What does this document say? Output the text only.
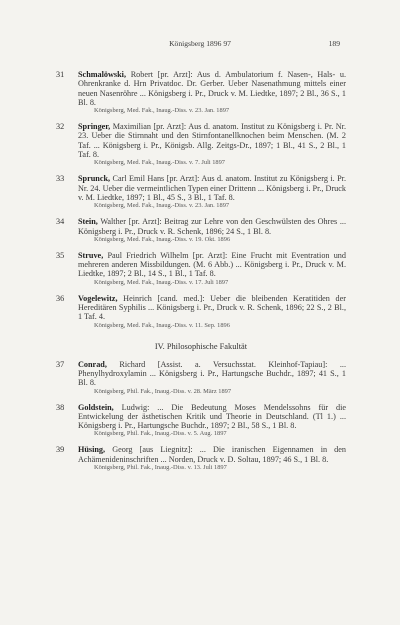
Königsberg 1896 97	189
31 Schmalöwski, Robert [pr. Arzt]: Aus d. Ambulatorium f. Nasen-, Hals- u. Ohrenkranke d. Hrn Privatdoc. Dr. Gerber. Ueber Nasenathmung mittels einer neuen Nasenröhre ... Königsberg i. Pr., Druck v. M. Liedtke, 1897; 2 Bl., 36 S., 1 Bl. 8.
Königsberg, Med. Fak., Inaug.-Diss. v. 23. Jan. 1897
32 Springer, Maximilian [pr. Arzt]: Aus d. anatom. Institut zu Königsberg i. Pr. Nr. 23. Ueber die Stirnnaht und den Stirnfontanellknochen beim Menschen. (M. 2 Taf. ... Königsberg i. Pr., Königsb. Allg. Zeitgs-Dr., 1897; 1 Bl., 41 S., 2 Bl., 1 Taf. 8.
Königsberg, Med. Fak., Inaug.-Diss. v. 7. Juli 1897
33 Sprunck, Carl Emil Hans [pr. Arzt]: Aus d. anatom. Institut zu Königsberg i. Pr. Nr. 24. Ueber die vermeintlichen Typen einer Drittenn ... Königsberg i. Pr., Druck v. M. Liedtke, 1897; 1 Bl., 45 S., 3 Bl., 1 Taf. 8.
Königsberg, Med. Fak., Inaug.-Diss. v. 23. Jan. 1897
34 Stein, Walther [pr. Arzt]: Beitrag zur Lehre von den Geschwülsten des Ohres ... Königsberg i. Pr., Druck v. R. Schenk, 1896; 24 S., 1 Bl. 8.
Königsberg, Med. Fak., Inaug.-Diss. v. 19. Okt. 1896
35 Struve, Paul Friedrich Wilhelm [pr. Arzt]: Eine Frucht mit Eventration und mehreren anderen Missbildungen. (M. 6 Abb.) ... Königsberg i. Pr., Druck v. M. Liedtke, 1897; 2 Bl., 14 S., 1 Bl., 1 Taf. 8.
Königsberg, Med. Fak., Inaug.-Diss. v. 17. Juli 1897
36 Vogelewitz, Heinrich [cand. med.]: Ueber die bleibenden Keratitiden der Hereditären Syphilis ... Königsberg i. Pr., Druck v. R. Schenk, 1896; 22 S., 2 Bl., 1 Taf. 4.
Königsberg, Med. Fak., Inaug.-Diss. v. 11. Sep. 1896
IV. Philosophische Fakultät
37 Conrad, Richard [Assist. a. Versuchsstat. Kleinhof-Tapiau]: ... Phenylhydroxylamin ... Königsberg i. Pr., Hartungsche Buchdr., 1897; 41 S., 1 Bl. 8.
Königsberg, Phil. Fak., Inaug.-Diss. v. 28. März 1897
38 Goldstein, Ludwig: ... Die Bedeutung Moses Mendelssohns für die Entwickelung der ästhetischen Kritik und Theorie in Deutschland. (Tl 1.) ... Königsberg i. Pr., Hartungsche Buchdr., 1897; 2 Bl., 58 S., 1 Bl. 8.
Königsberg, Phil. Fak., Inaug.-Diss. v. 5. Aug. 1897
39 Hüsing, Georg [aus Liegnitz]: ... Die iranischen Eigennamen in den Achämenideninschriften ... Norden, Druck v. D. Soltau, 1897; 46 S., 1 Bl. 8.
Königsberg, Phil. Fak., Inaug.-Diss. v. 13. Juli 1897
